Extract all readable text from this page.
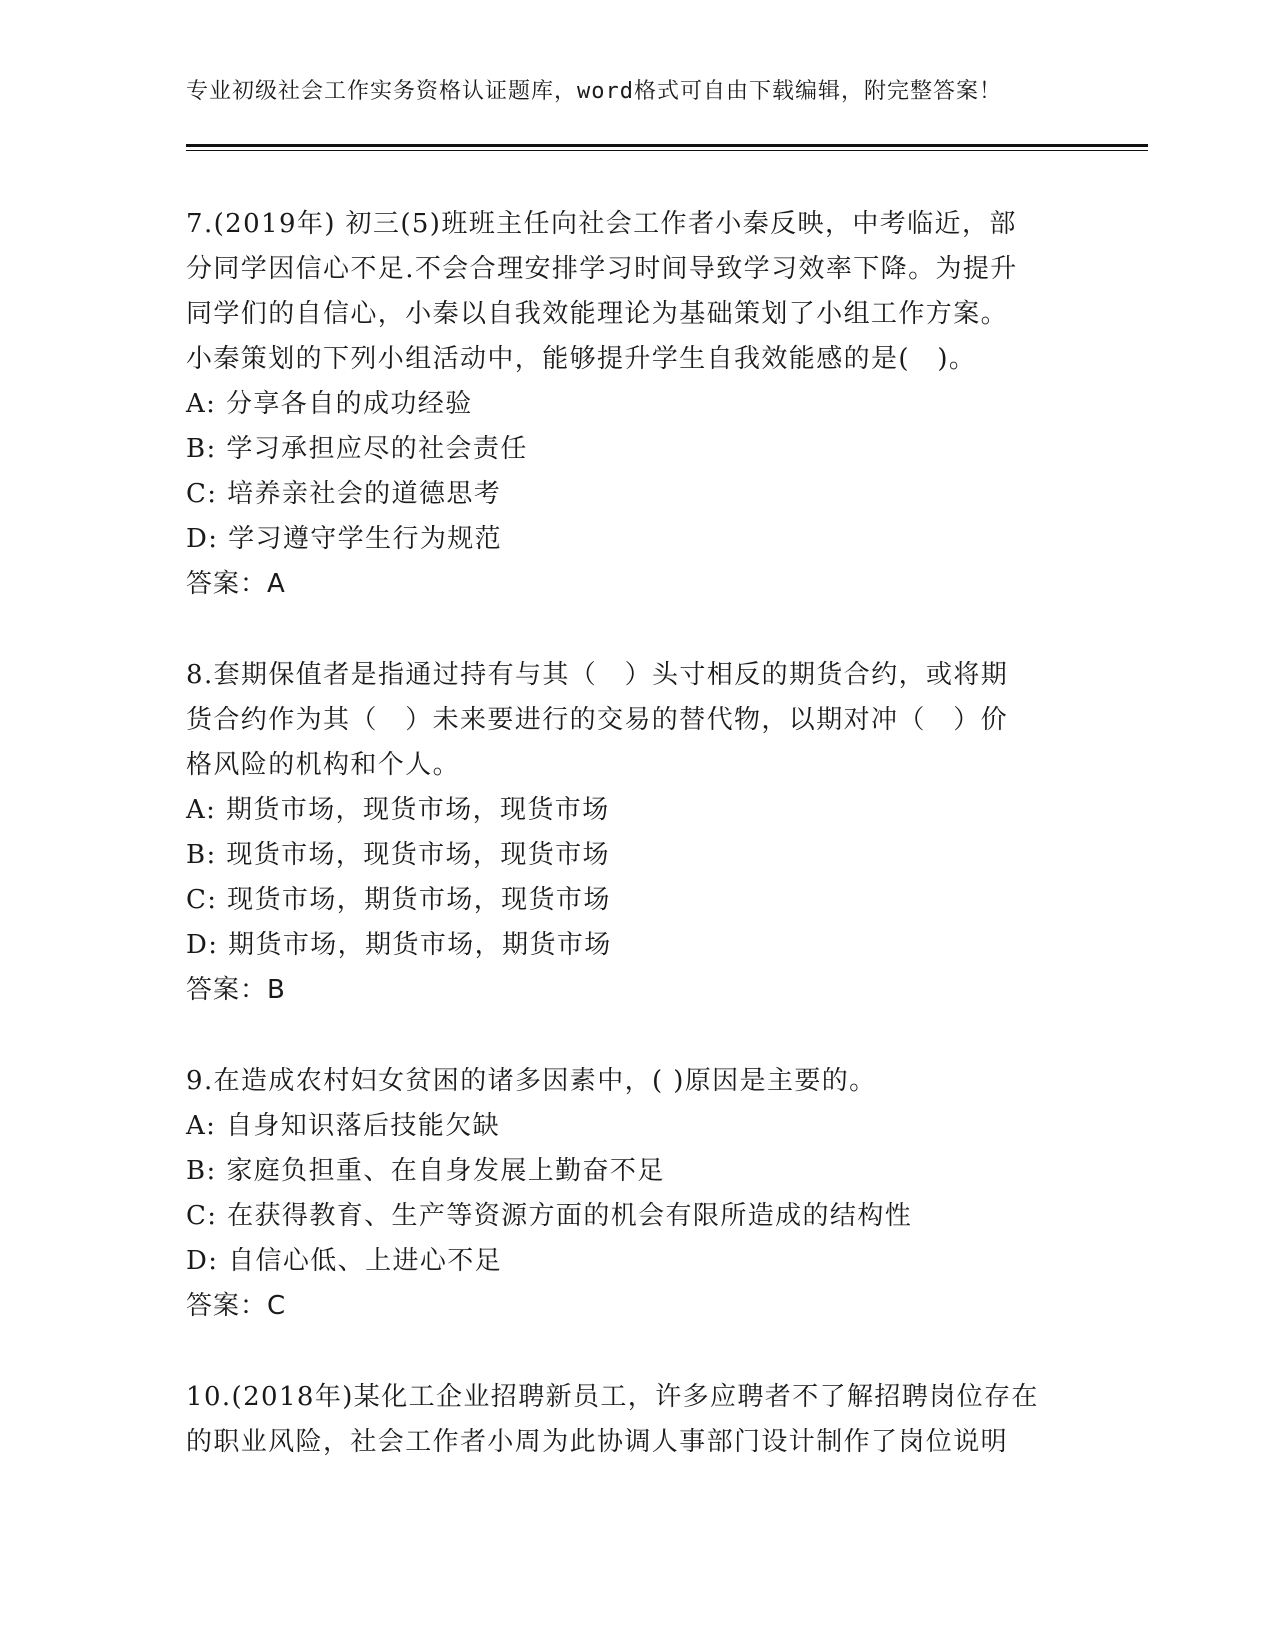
专业初级社会工作实务资格认证题库，word格式可自由下载编辑，附完整答案！

7.(2019年) 初三(5)班班主任向社会工作者小秦反映，中考临近，部
分同学因信心不足.不会合理安排学习时间导致学习效率下降。为提升
同学们的自信心，小秦以自我效能理论为基础策划了小组工作方案。
小秦策划的下列小组活动中，能够提升学生自我效能感的是(　)。

A: 分享各自的成功经验
B: 学习承担应尽的社会责任
C: 培养亲社会的道德思考
D: 学习遵守学生行为规范
答案：A

8.套期保值者是指通过持有与其（　）头寸相反的期货合约，或将期
货合约作为其（　）未来要进行的交易的替代物，以期对冲（　）价
格风险的机构和个人。

A: 期货市场，现货市场，现货市场
B: 现货市场，现货市场，现货市场
C: 现货市场，期货市场，现货市场
D: 期货市场，期货市场，期货市场
答案：B

9.在造成农村妇女贫困的诸多因素中，( )原因是主要的。

A: 自身知识落后技能欠缺
B: 家庭负担重、在自身发展上勤奋不足
C: 在获得教育、生产等资源方面的机会有限所造成的结构性
D: 自信心低、上进心不足
答案：C

10.(2018年)某化工企业招聘新员工，许多应聘者不了解招聘岗位存在
的职业风险，社会工作者小周为此协调人事部门设计制作了岗位说明
